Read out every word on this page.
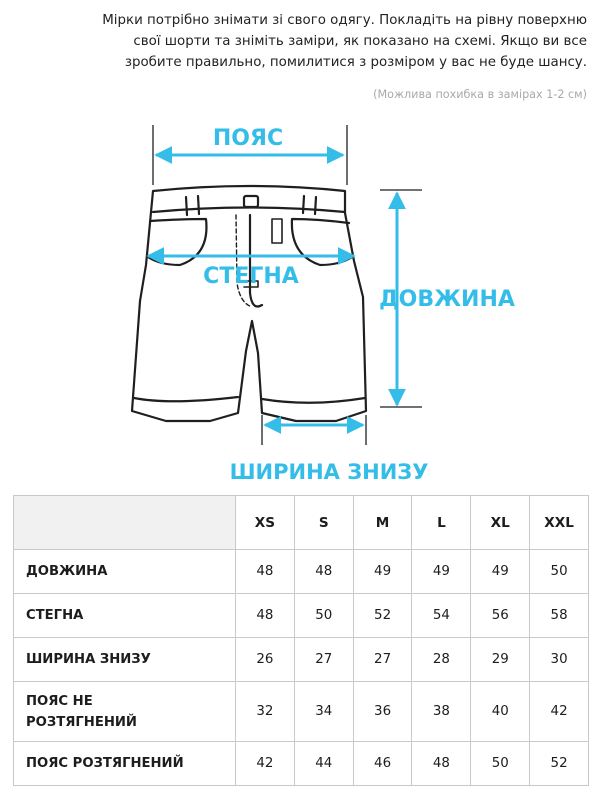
Мірки потрібно знімати зі свого одягу. Покладіть на рівну поверхню
свої шорти та зніміть заміри, як показано на схемі. Якщо ви все
зробите правильно, помилитися з розміром у вас не буде шансу.
(Можлива похибка в замірах 1-2 см)
ПОЯС
СТЕГНА
ДОВЖИНА
ШИРИНА ЗНИЗУ
	XS	S	M	L	XL	XXL
ДОВЖИНА	48	48	49	49	49	50
СТЕГНА	48	50	52	54	56	58
ШИРИНА ЗНИЗУ	26	27	27	28	29	30

ПОЯС НЕ
РОЗТЯГНЕНИЙ	32	34	36	38	40	42
ПОЯС РОЗТЯГНЕНИЙ	42	44	46	48	50	52
